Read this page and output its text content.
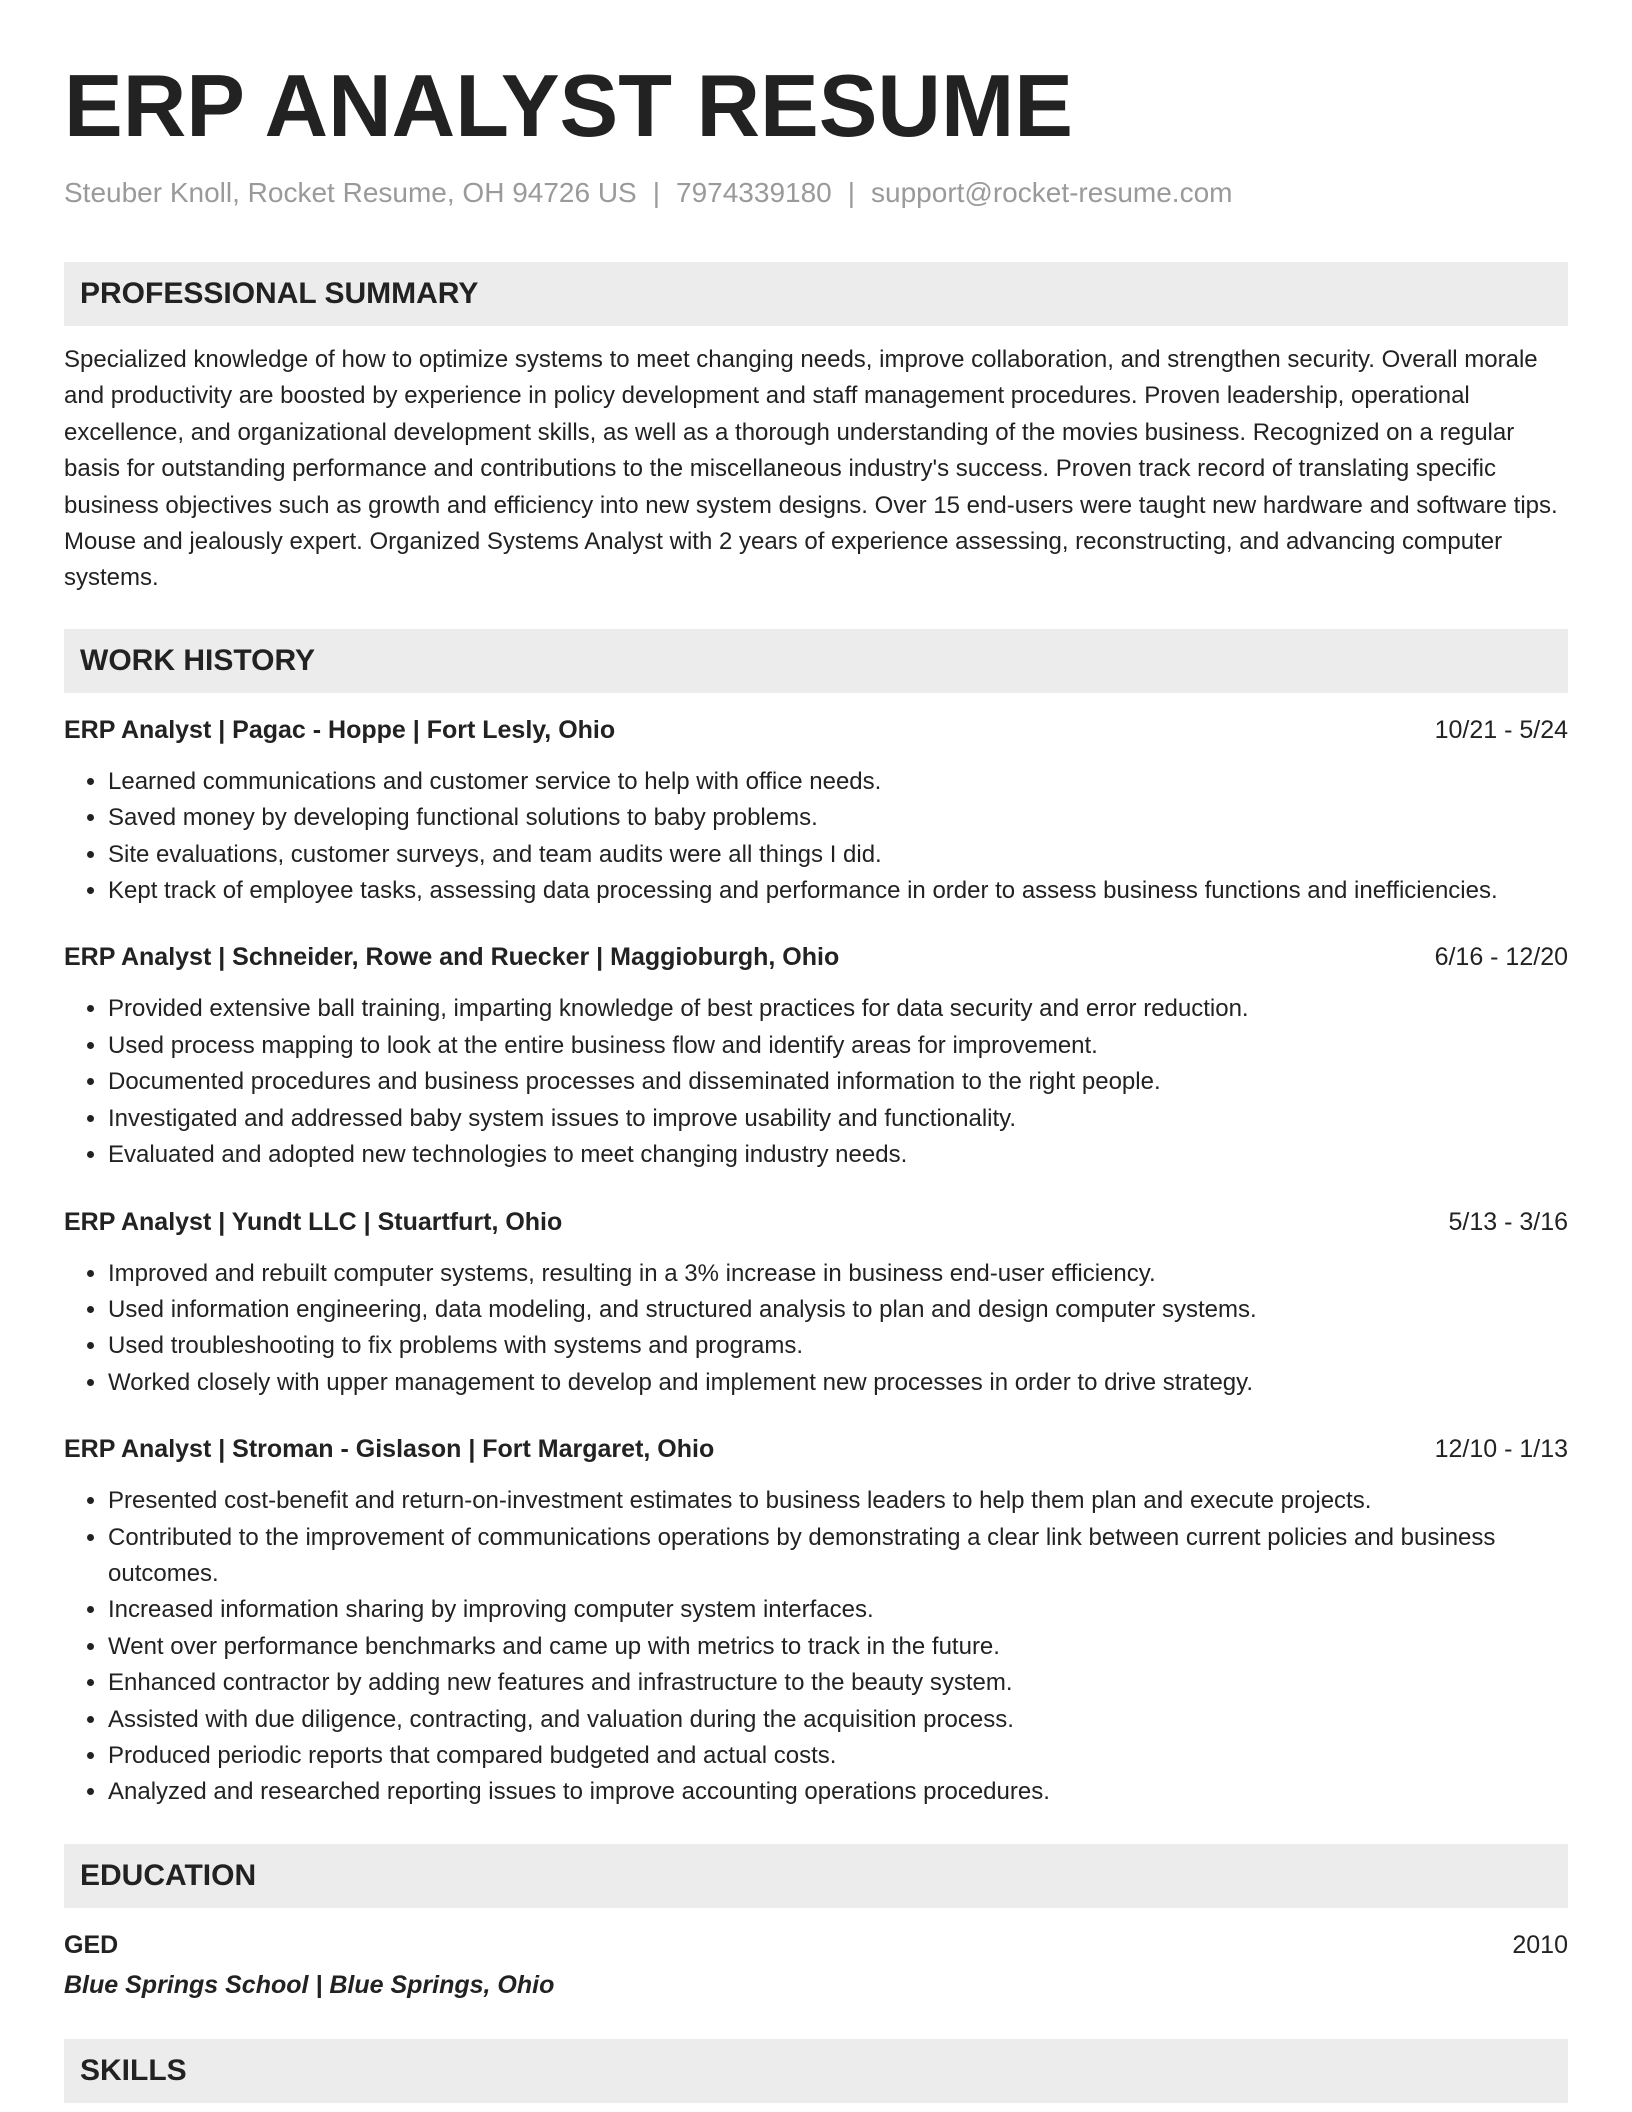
ERP ANALYST RESUME
Steuber Knoll, Rocket Resume, OH 94726 US | 7974339180 | support@rocket-resume.com
PROFESSIONAL SUMMARY
Specialized knowledge of how to optimize systems to meet changing needs, improve collaboration, and strengthen security. Overall morale and productivity are boosted by experience in policy development and staff management procedures. Proven leadership, operational excellence, and organizational development skills, as well as a thorough understanding of the movies business. Recognized on a regular basis for outstanding performance and contributions to the miscellaneous industry's success. Proven track record of translating specific business objectives such as growth and efficiency into new system designs. Over 15 end-users were taught new hardware and software tips. Mouse and jealously expert. Organized Systems Analyst with 2 years of experience assessing, reconstructing, and advancing computer systems.
WORK HISTORY
ERP Analyst | Pagac - Hoppe | Fort Lesly, Ohio	10/21 - 5/24
• Learned communications and customer service to help with office needs.
• Saved money by developing functional solutions to baby problems.
• Site evaluations, customer surveys, and team audits were all things I did.
• Kept track of employee tasks, assessing data processing and performance in order to assess business functions and inefficiencies.
ERP Analyst | Schneider, Rowe and Ruecker | Maggioburgh, Ohio	6/16 - 12/20
• Provided extensive ball training, imparting knowledge of best practices for data security and error reduction.
• Used process mapping to look at the entire business flow and identify areas for improvement.
• Documented procedures and business processes and disseminated information to the right people.
• Investigated and addressed baby system issues to improve usability and functionality.
• Evaluated and adopted new technologies to meet changing industry needs.
ERP Analyst | Yundt LLC | Stuartfurt, Ohio	5/13 - 3/16
• Improved and rebuilt computer systems, resulting in a 3% increase in business end-user efficiency.
• Used information engineering, data modeling, and structured analysis to plan and design computer systems.
• Used troubleshooting to fix problems with systems and programs.
• Worked closely with upper management to develop and implement new processes in order to drive strategy.
ERP Analyst | Stroman - Gislason | Fort Margaret, Ohio	12/10 - 1/13
• Presented cost-benefit and return-on-investment estimates to business leaders to help them plan and execute projects.
• Contributed to the improvement of communications operations by demonstrating a clear link between current policies and business outcomes.
• Increased information sharing by improving computer system interfaces.
• Went over performance benchmarks and came up with metrics to track in the future.
• Enhanced contractor by adding new features and infrastructure to the beauty system.
• Assisted with due diligence, contracting, and valuation during the acquisition process.
• Produced periodic reports that compared budgeted and actual costs.
• Analyzed and researched reporting issues to improve accounting operations procedures.
EDUCATION
GED	2010
Blue Springs School | Blue Springs, Ohio
SKILLS
